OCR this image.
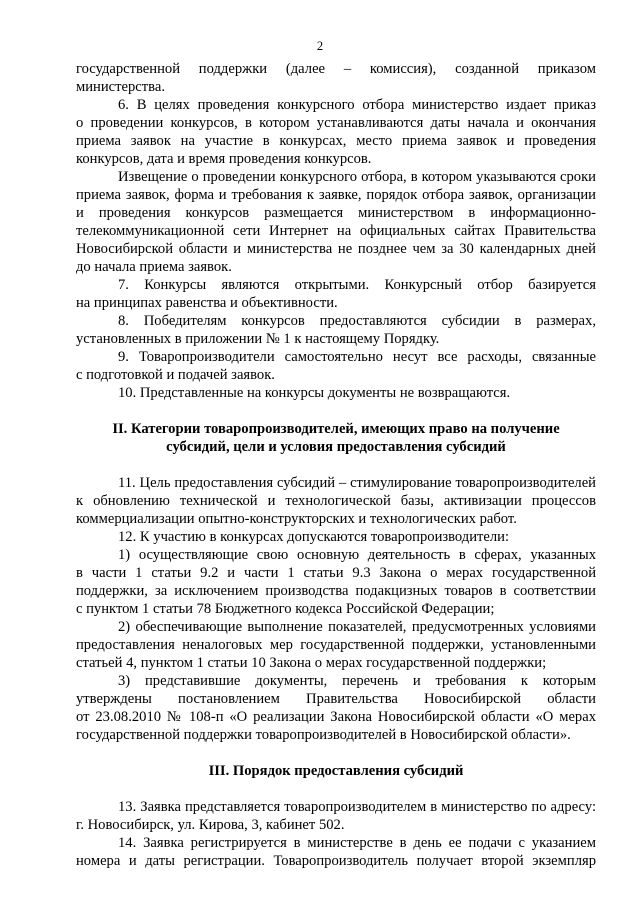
2
государственной поддержки (далее – комиссия), созданной приказом
министерства.
6. В целях проведения конкурсного отбора министерство издает приказ
о проведении конкурсов, в котором устанавливаются даты начала и окончания
приема заявок на участие в конкурсах, место приема заявок и проведения
конкурсов, дата и время проведения конкурсов.
Извещение о проведении конкурсного отбора, в котором указываются сроки
приема заявок, форма и требования к заявке, порядок отбора заявок, организации
и проведения конкурсов размещается министерством в информационно-
телекоммуникационной сети Интернет на официальных сайтах Правительства
Новосибирской области и министерства не позднее чем за 30 календарных дней
до начала приема заявок.
7. Конкурсы являются открытыми. Конкурсный отбор базируется
на принципах равенства и объективности.
8. Победителям конкурсов предоставляются субсидии в размерах,
установленных в приложении № 1 к настоящему Порядку.
9. Товаропроизводители самостоятельно несут все расходы, связанные
с подготовкой и подачей заявок.
10. Представленные на конкурсы документы не возвращаются.
II. Категории товаропроизводителей, имеющих право на получение
субсидий, цели и условия предоставления субсидий
11. Цель предоставления субсидий – стимулирование товаропроизводителей
к обновлению технической и технологической базы, активизации процессов
коммерциализации опытно-конструкторских и технологических работ.
12. К участию в конкурсах допускаются товаропроизводители:
1) осуществляющие свою основную деятельность в сферах, указанных
в части 1 статьи 9.2 и части 1 статьи 9.3 Закона о мерах государственной
поддержки, за исключением производства подакцизных товаров в соответствии
с пунктом 1 статьи 78 Бюджетного кодекса Российской Федерации;
2) обеспечивающие выполнение показателей, предусмотренных условиями
предоставления неналоговых мер государственной поддержки, установленными
статьей 4, пунктом 1 статьи 10 Закона о мерах государственной поддержки;
3) представившие документы, перечень и требования к которым
утверждены постановлением Правительства Новосибирской области
от 23.08.2010 № 108-п «О реализации Закона Новосибирской области «О мерах
государственной поддержки товаропроизводителей в Новосибирской области».
III. Порядок предоставления субсидий
13. Заявка представляется товаропроизводителем в министерство по адресу:
г. Новосибирск, ул. Кирова, 3, кабинет 502.
14. Заявка регистрируется в министерстве в день ее подачи с указанием
номера и даты регистрации. Товаропроизводитель получает второй экземпляр
